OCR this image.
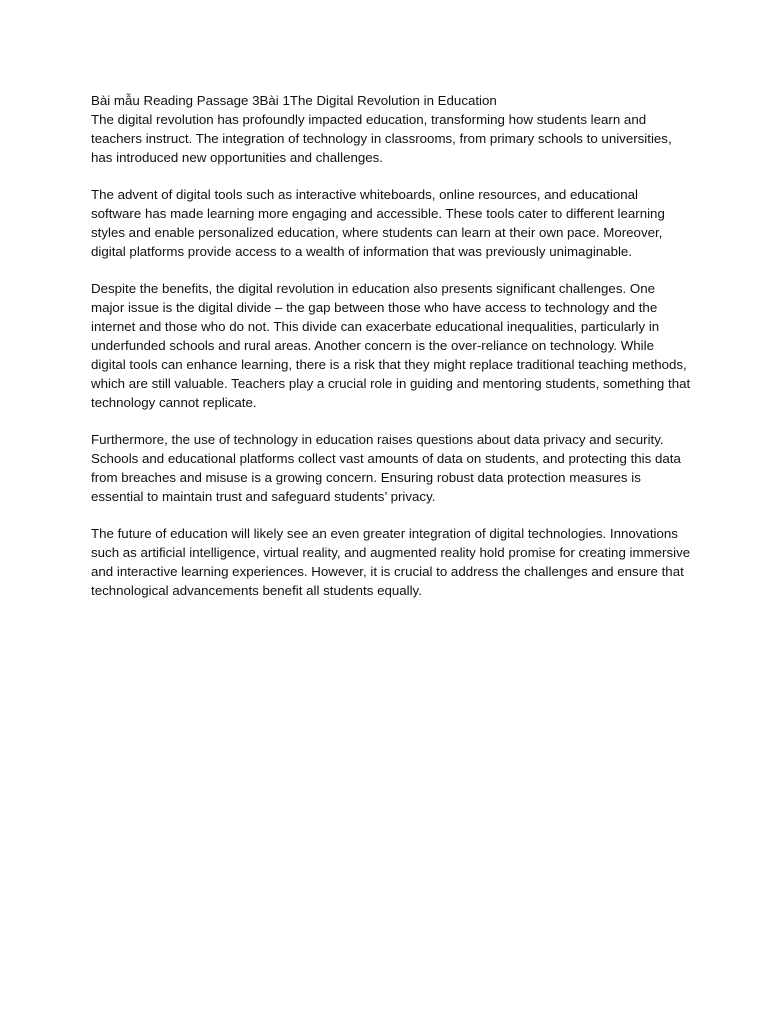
Bài mẫu Reading Passage 3Bài 1The Digital Revolution in Education

The digital revolution has profoundly impacted education, transforming how students learn and teachers instruct. The integration of technology in classrooms, from primary schools to universities, has introduced new opportunities and challenges.

The advent of digital tools such as interactive whiteboards, online resources, and educational software has made learning more engaging and accessible. These tools cater to different learning styles and enable personalized education, where students can learn at their own pace. Moreover, digital platforms provide access to a wealth of information that was previously unimaginable.

Despite the benefits, the digital revolution in education also presents significant challenges. One major issue is the digital divide – the gap between those who have access to technology and the internet and those who do not. This divide can exacerbate educational inequalities, particularly in underfunded schools and rural areas. Another concern is the over-reliance on technology. While digital tools can enhance learning, there is a risk that they might replace traditional teaching methods, which are still valuable. Teachers play a crucial role in guiding and mentoring students, something that technology cannot replicate.

Furthermore, the use of technology in education raises questions about data privacy and security. Schools and educational platforms collect vast amounts of data on students, and protecting this data from breaches and misuse is a growing concern. Ensuring robust data protection measures is essential to maintain trust and safeguard students’ privacy.

The future of education will likely see an even greater integration of digital technologies. Innovations such as artificial intelligence, virtual reality, and augmented reality hold promise for creating immersive and interactive learning experiences. However, it is crucial to address the challenges and ensure that technological advancements benefit all students equally.
